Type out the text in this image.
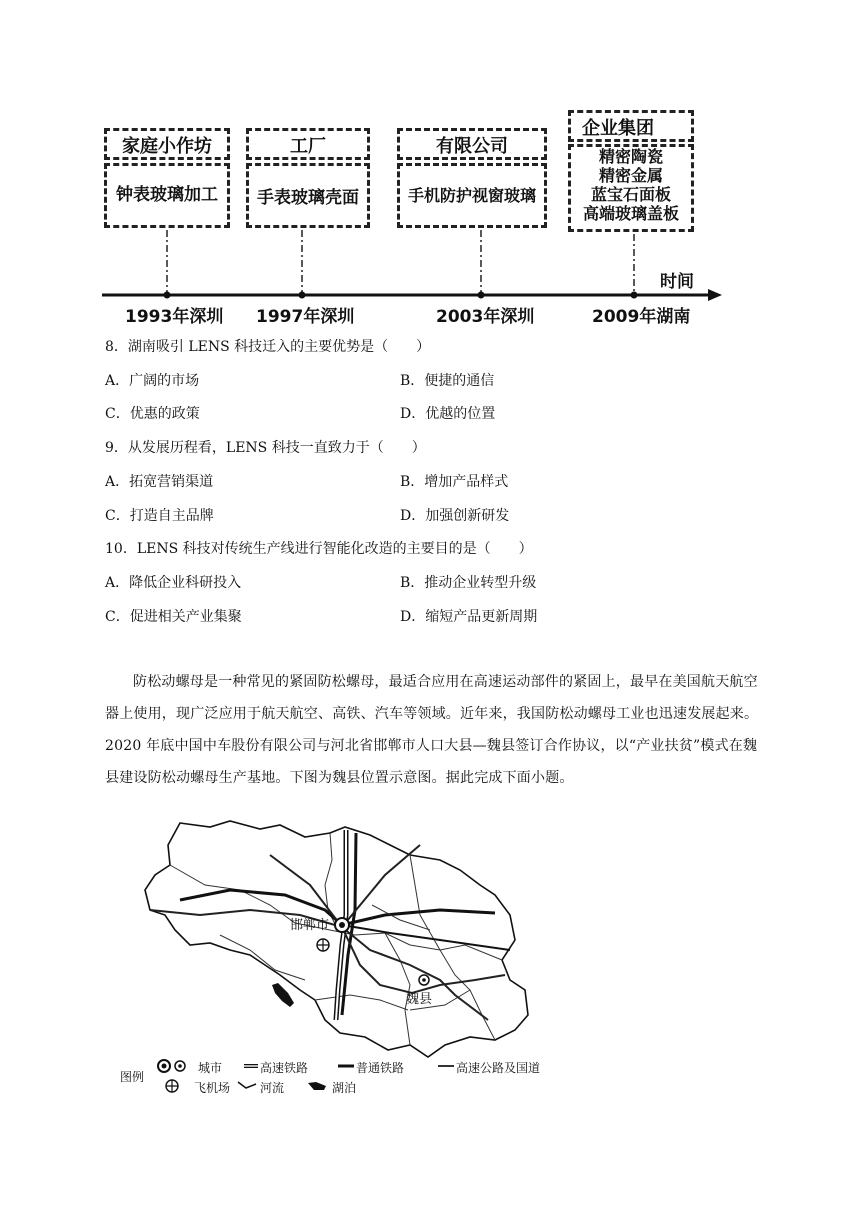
家庭小作坊
钟表玻璃加工
工厂
手表玻璃壳面
有限公司
手机防护视窗玻璃
企业集团
精密陶瓷
精密金属
蓝宝石面板
高端玻璃盖板
时间
1993年深圳 1997年深圳	2003年深圳	2009年湖南
8．湖南吸引 LENS 科技迁入的主要优势是（　　）
A．广阔的市场	B．便捷的通信
C．优惠的政策	D．优越的位置
9．从发展历程看，LENS 科技一直致力于（　　）
A．拓宽营销渠道	B．增加产品样式
C．打造自主品牌	D．加强创新研发
10．LENS 科技对传统生产线进行智能化改造的主要目的是（　　）
A．降低企业科研投入	B．推动企业转型升级
C．促进相关产业集聚	D．缩短产品更新周期
防松动螺母是一种常见的紧固防松螺母，最适合应用在高速运动部件的紧固上，最早在美国航天航空器上使用，现广泛应用于航天航空、高铁、汽车等领域。近年来，我国防松动螺母工业也迅速发展起来。2020 年底中国中车股份有限公司与河北省邯郸市人口大县—魏县签订合作协议，以“产业扶贫”模式在魏县建设防松动螺母生产基地。下图为魏县位置示意图。据此完成下面小题。
邯郸市
魏县
图例
城市	高速铁路	普通铁路	高速公路及国道
飞机场 河流	湖泊
